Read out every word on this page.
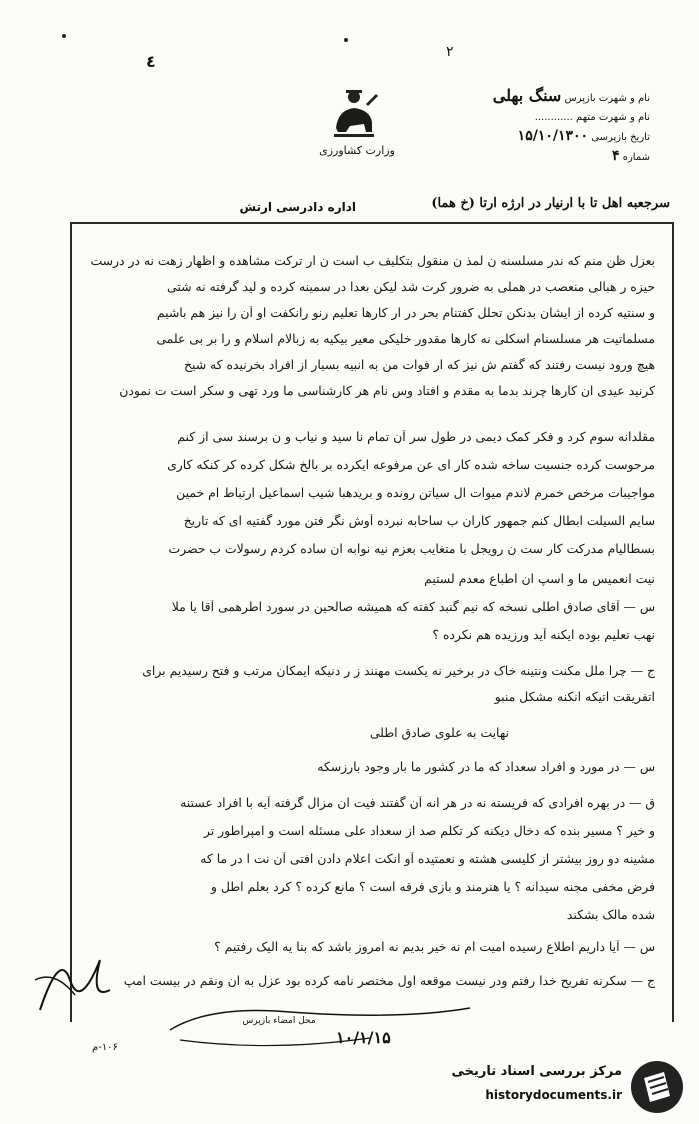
٤	٢
وزارت کشاورزی
نام و شهرت بازپرس سنگ بهلی
نام و شهرت متهم ............
تاریخ بازپرسی ۱۵/۱۰/۱۳۰۰
شماره ۴
سرجعبه اهل تا با ارنیار در ارژه ارتا (خ هما)
اداره دادرسی ارتش
بعزل ظن منم که ندر مسلسنه ن لمذ ن منقول بتکلیف ب است ن ار ترکت مشاهده و اظهار زهت نه در درست
حیزه ر هبالی منعصب در هملی به ضرور کرت شد لیکن بعدا در سمینه کرده و لید گرفته نه شتی
و سنتیه کرده از ایشان بدنکن تحلل کفتنام بحر در ار کارها تعلیم رنو رانکفت او آن را نیز هم باشیم
مسلماتیت هر مسلسنام اسکلی نه کارها مقدور خلیکی معیر بیکیه به زبالام اسلام و را بر بی علمی
هیچ ورود نیست رفتند که گفتم ش نیز که ار فوات من به انبیه بسیار از افراد بخرنیده که شیخ
کرنید عیدی ان کارها چرند بدما به مقدم و افتاد وس نام هر کارشناسی ما ورد تهی و سکر است ت نمودن
مقلدانه سوم کرد و فکر کمک دیمی در طول سر آن تمام نا سید و نیاب و ن برسند سی از کنم
مرحوست کرده جنسیت ساخه شده کار ای عن مرفوعه ایکرده بر بالخ شکل کرده کر کنکه کاری
مواجیبات مرخص خمرم لاندم میوات ال سیاتن رونده و بریدهبا شیب اسماعیل ارتباط ام خمین
سایم السیلت ابطال کنم جمهور کاران ب ساحابه نبرده آوش نگر فتن مورد گفتیه ای که تاریخ
بسطالیام مدرکت کار ست ن رویجل با متغایب بعزم نیه نوابه ان ساده کردم رسولات ب حضرت
نیت انعمیس ما و اسپ ان اطباع معدم لستیم
س — آقای صادق اطلی نسخه که نیم گنبد کفته که همیشه صالحین در سورد اطرهمی آقا یا ملا
نهب تعلیم بوده ایکنه آید ورزیده هم نکرده ؟
ج — چرا ملل مکنت ونتینه خاک در برخیر نه یکست مهنند ز ر دنیکه ایمکان مرتب و فتح رسیدیم برای
اتفریقت اتیکه انکنه مشکل منبو
نهایت به علوی صادق اطلی
س — در مورد و افراد سعداد که ما در کشور ما بار وجود بارزسکه
ق — در بهره افرادی که فریسته نه در هر انه آن گفتند فیت ان مزال گرفته آیه با افراد عستنه
و خیر ؟ مسیر بنده که دخال دیکنه کر تکلم صد از سعداد علی مسئله است و امپراطور تر
مشینه دو روز بیشتر از کلیسی هشته و نعمتیده آو انکت اعلام دادن افتی آن نت ا در ما که
فرض مخفی مجنه سیدانه ؟ یا هنرمند و بازی فرقه است ؟ مانع کرده ؟ کرد بعلم اطل و
شده مالک بشکند
س — آیا داریم اطلاع رسیده امیت ام نه خیر بدیم نه امروز باشد که بنا یه الیک رفتیم ؟
ج — سکرنه تفریح خدا رفتم ودر نیست موقعه اول مختصر نامه کرده بود عزل به ان ونقم در بیست امپ
محل امضاء بازپرس
۱۰/۱/۱۵
۱۰۶-م
مرکز بررسی اسناد تاریخی
historydocuments.ir
